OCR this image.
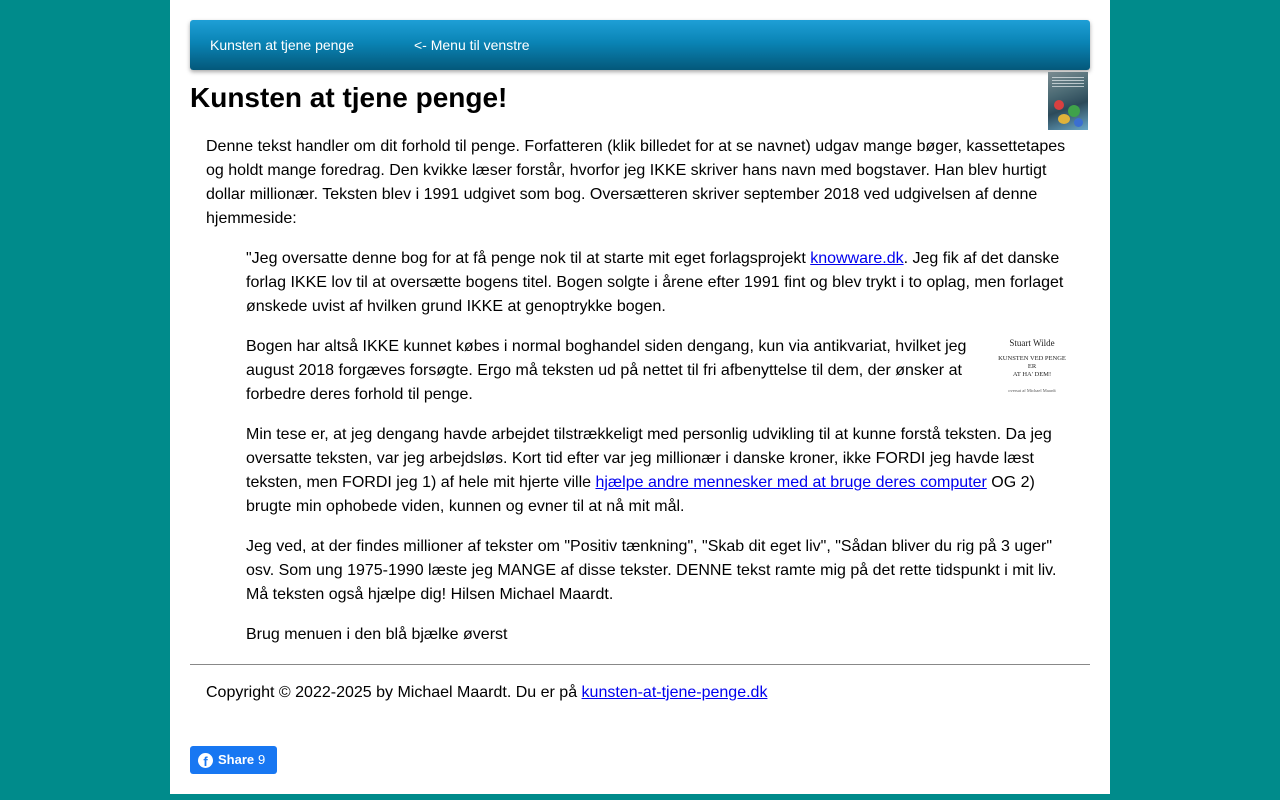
Kunsten at tjene penge	<- Menu til venstre
Kunsten at tjene penge!

Denne tekst handler om dit forhold til penge. Forfatteren (klik billedet for at se navnet) udgav mange bøger, kassettetapes og holdt mange foredrag. Den kvikke læser forstår, hvorfor jeg IKKE skriver hans navn med bogstaver. Han blev hurtigt dollar millionær. Teksten blev i 1991 udgivet som bog. Oversætteren skriver september 2018 ved udgivelsen af denne hjemmeside:

"Jeg oversatte denne bog for at få penge nok til at starte mit eget forlagsprojekt knowware.dk. Jeg fik af det danske forlag IKKE lov til at oversætte bogens titel. Bogen solgte i årene efter 1991 fint og blev trykt i to oplag, men forlaget ønskede uvist af hvilken grund IKKE at genoptrykke bogen.

Bogen har altså IKKE kunnet købes i normal boghandel siden dengang, kun via antikvariat, hvilket jeg august 2018 forgæves forsøgte. Ergo må teksten ud på nettet til fri afbenyttelse til dem, der ønsker at forbedre deres forhold til penge.

Stuart Wilde
KUNSTEN VED PENGE
ER
AT HA' DEM!
oversat af Michael Maardt

Min tese er, at jeg dengang havde arbejdet tilstrækkeligt med personlig udvikling til at kunne forstå teksten. Da jeg oversatte teksten, var jeg arbejdsløs. Kort tid efter var jeg millionær i danske kroner, ikke FORDI jeg havde læst teksten, men FORDI jeg 1) af hele mit hjerte ville hjælpe andre mennesker med at bruge deres computer OG 2) brugte min ophobede viden, kunnen og evner til at nå mit mål.

Jeg ved, at der findes millioner af tekster om "Positiv tænkning", "Skab dit eget liv", "Sådan bliver du rig på 3 uger" osv. Som ung 1975-1990 læste jeg MANGE af disse tekster. DENNE tekst ramte mig på det rette tidspunkt i mit liv. Må teksten også hjælpe dig! Hilsen Michael Maardt.

Brug menuen i den blå bjælke øverst

Copyright © 2022-2025 by Michael Maardt. Du er på kunsten-at-tjene-penge.dk

f Share 9
